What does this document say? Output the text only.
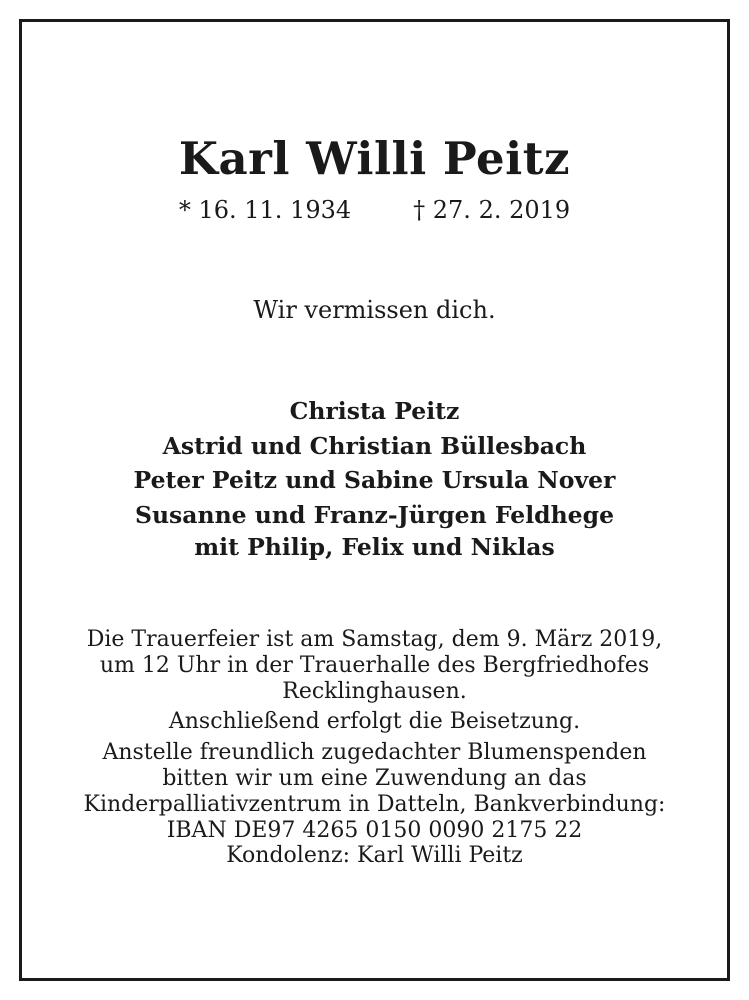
Karl Willi Peitz
* 16. 11. 1934	† 27. 2. 2019
Wir vermissen dich.
Christa Peitz
Astrid und Christian Büllesbach
Peter Peitz und Sabine Ursula Nover
Susanne und Franz-Jürgen Feldhege
mit Philip, Felix und Niklas
Die Trauerfeier ist am Samstag, dem 9. März 2019,
um 12 Uhr in der Trauerhalle des Bergfriedhofes
Recklinghausen.
Anschließend erfolgt die Beisetzung.
Anstelle freundlich zugedachter Blumenspenden
bitten wir um eine Zuwendung an das
Kinderpalliativzentrum in Datteln, Bankverbindung:
IBAN DE97 4265 0150 0090 2175 22
Kondolenz: Karl Willi Peitz
